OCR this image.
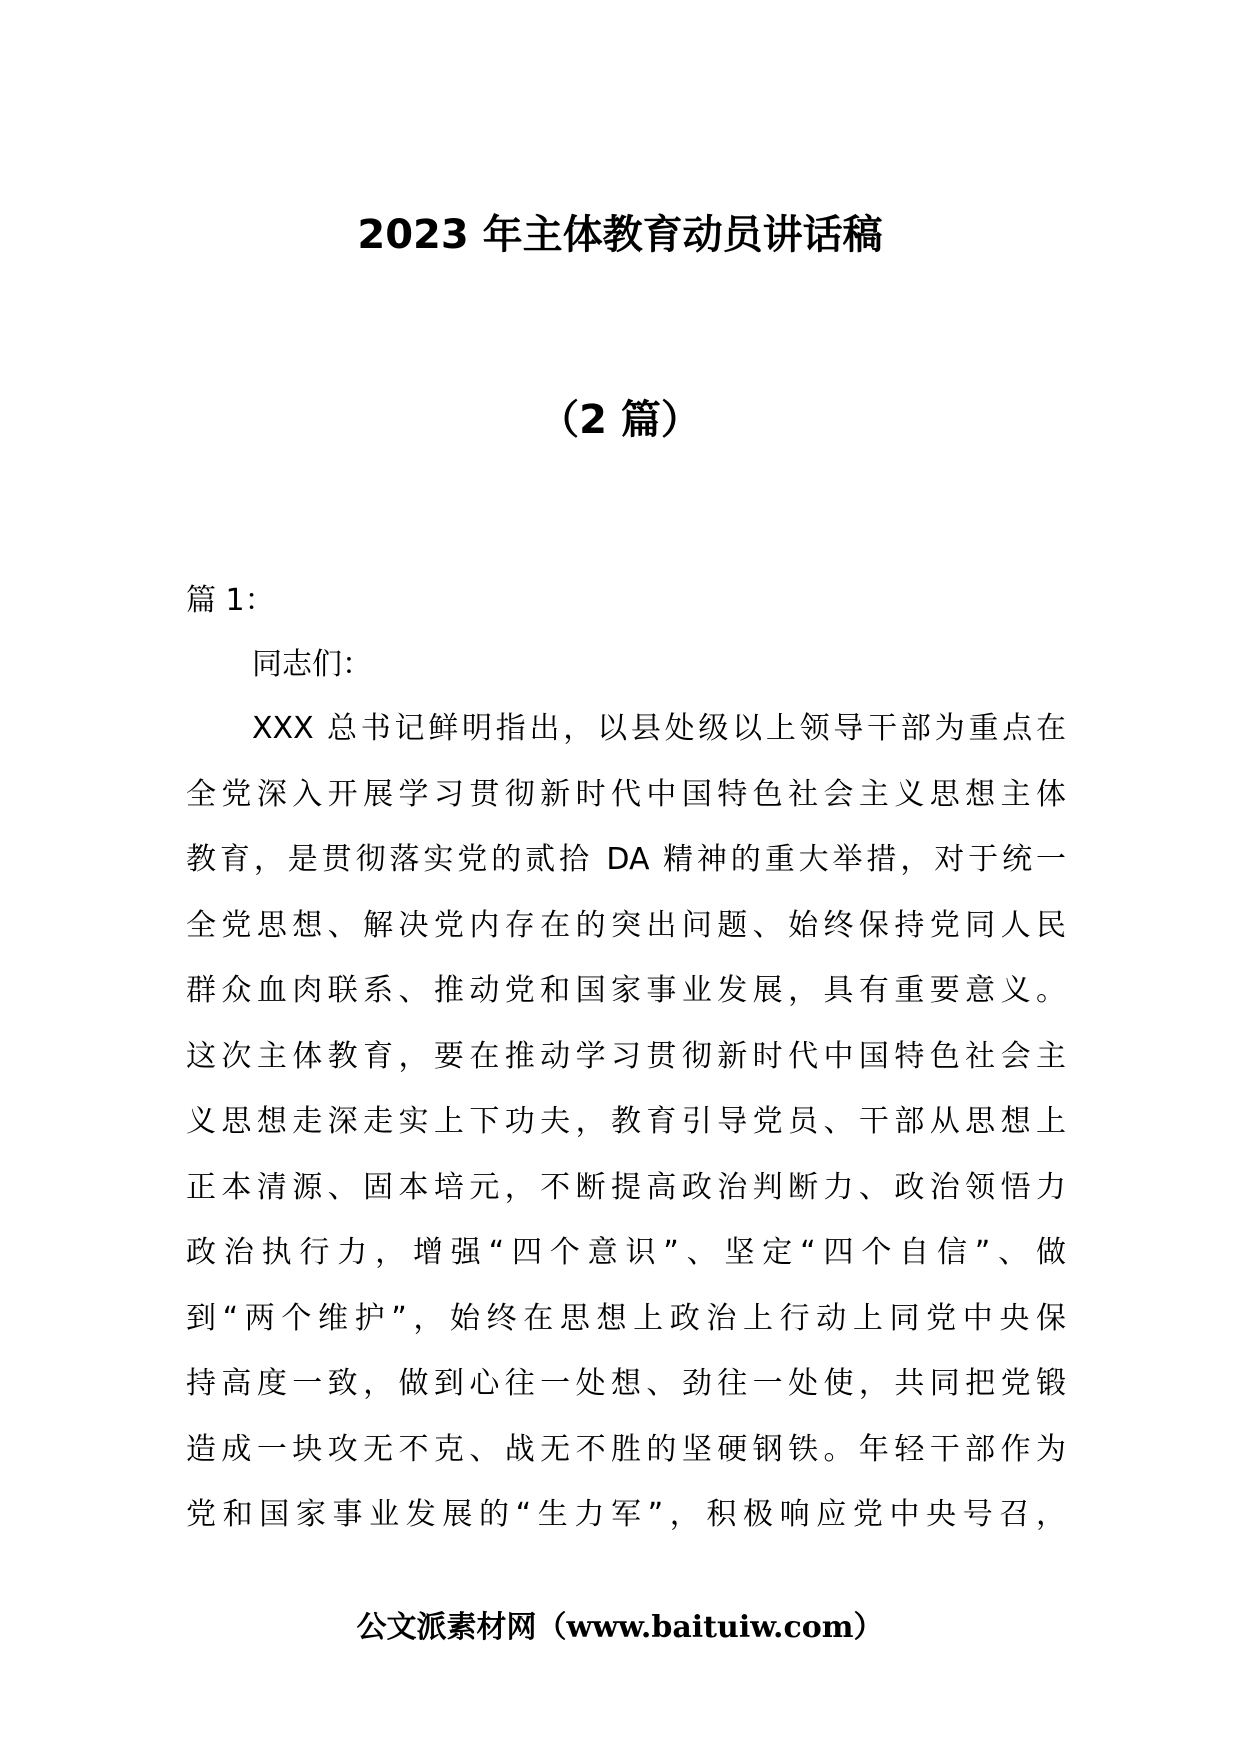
2023 年主体教育动员讲话稿
（2 篇）

篇 1：

同志们：

XXX 总书记鲜明指出，以县处级以上领导干部为重点在
全党深入开展学习贯彻新时代中国特色社会主义思想主体
教育，是贯彻落实党的贰拾 DA 精神的重大举措，对于统一
全党思想、解决党内存在的突出问题、始终保持党同人民
群众血肉联系、推动党和国家事业发展，具有重要意义。
这次主体教育，要在推动学习贯彻新时代中国特色社会主
义思想走深走实上下功夫，教育引导党员、干部从思想上
正本清源、固本培元，不断提高政治判断力、政治领悟力
政治执行力，增强“四个意识”、坚定“四个自信”、做
到“两个维护”，始终在思想上政治上行动上同党中央保
持高度一致，做到心往一处想、劲往一处使，共同把党锻
造成一块攻无不克、战无不胜的坚硬钢铁。年轻干部作为
党和国家事业发展的“生力军”，积极响应党中央号召，

公文派素材网（www.baituiw.com）
